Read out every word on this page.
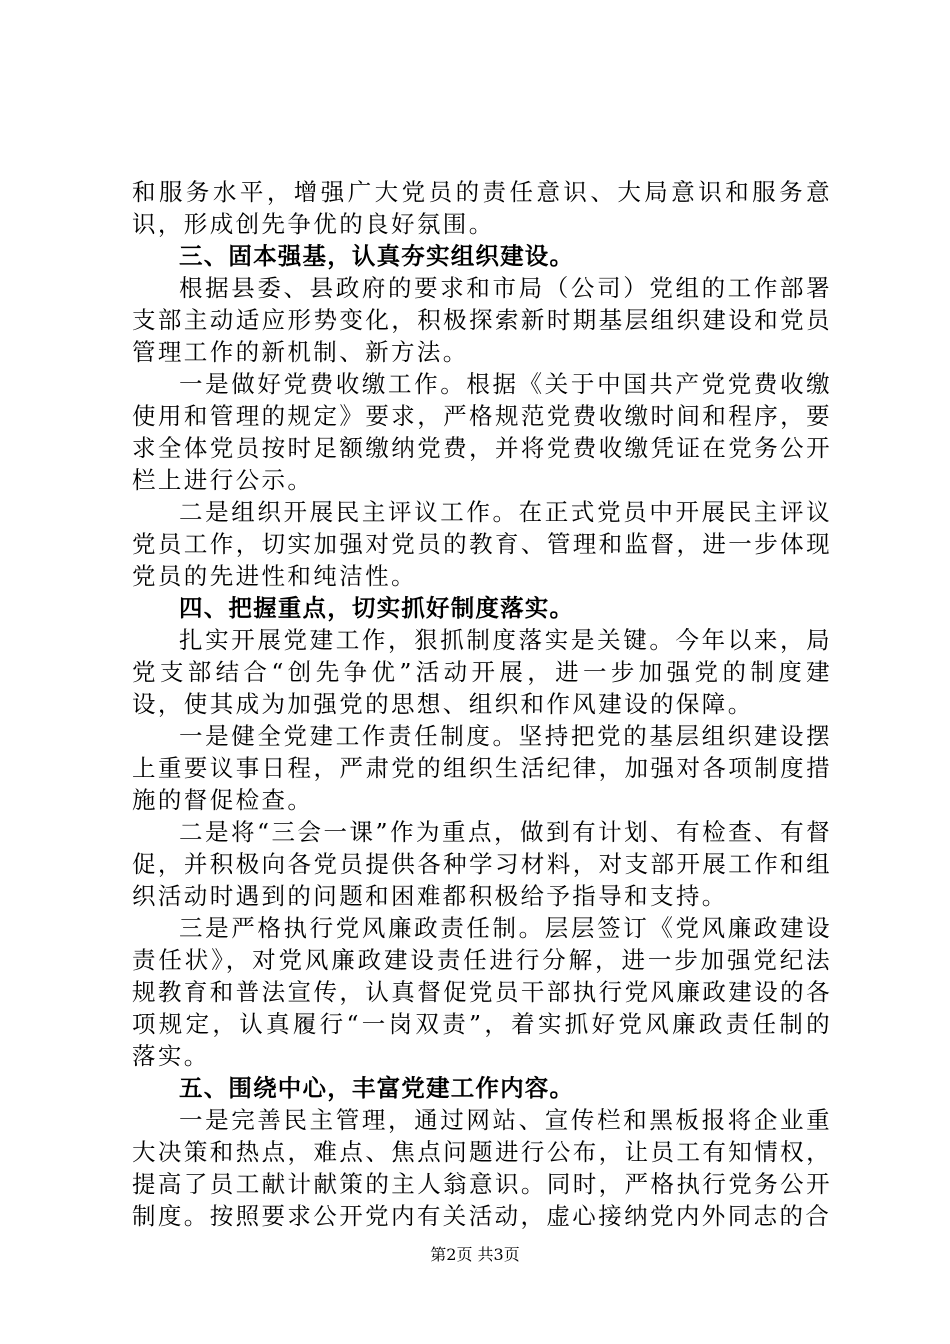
和服务水平，增强广大党员的责任意识、大局意识和服务意识，形成创先争优的良好氛围。

三、固本强基，认真夯实组织建设。

根据县委、县政府的要求和市局（公司）党组的工作部署支部主动适应形势变化，积极探索新时期基层组织建设和党员管理工作的新机制、新方法。

一是做好党费收缴工作。根据《关于中国共产党党费收缴使用和管理的规定》要求，严格规范党费收缴时间和程序，要求全体党员按时足额缴纳党费，并将党费收缴凭证在党务公开栏上进行公示。

二是组织开展民主评议工作。在正式党员中开展民主评议党员工作，切实加强对党员的教育、管理和监督，进一步体现党员的先进性和纯洁性。

四、把握重点，切实抓好制度落实。

扎实开展党建工作，狠抓制度落实是关键。今年以来，局党支部结合“创先争优”活动开展，进一步加强党的制度建设，使其成为加强党的思想、组织和作风建设的保障。

一是健全党建工作责任制度。坚持把党的基层组织建设摆上重要议事日程，严肃党的组织生活纪律，加强对各项制度措施的督促检查。

二是将“三会一课”作为重点，做到有计划、有检查、有督促，并积极向各党员提供各种学习材料，对支部开展工作和组织活动时遇到的问题和困难都积极给予指导和支持。

三是严格执行党风廉政责任制。层层签订《党风廉政建设责任状》，对党风廉政建设责任进行分解，进一步加强党纪法规教育和普法宣传，认真督促党员干部执行党风廉政建设的各项规定，认真履行“一岗双责”，着实抓好党风廉政责任制的落实。

五、围绕中心，丰富党建工作内容。

一是完善民主管理，通过网站、宣传栏和黑板报将企业重大决策和热点，难点、焦点问题进行公布，让员工有知情权，提高了员工献计献策的主人翁意识。同时，严格执行党务公开制度。按照要求公开党内有关活动，虚心接纳党内外同志的合

第2页 共3页
